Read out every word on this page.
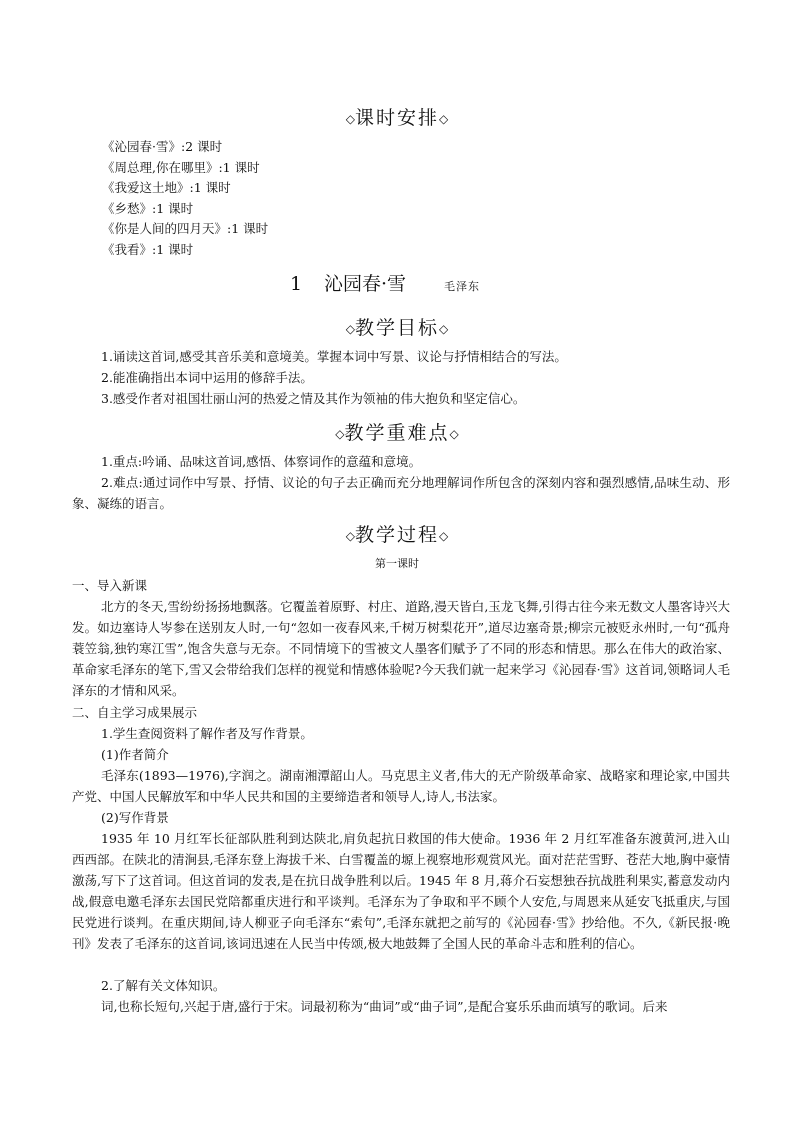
◇课时安排◇
《沁园春·雪》:2 课时
《周总理,你在哪里》:1 课时
《我爱这土地》:1 课时
《乡愁》:1 课时
《你是人间的四月天》:1 课时
《我看》:1 课时
1 沁园春·雪	毛泽东
◇教学目标◇

1.诵读这首词,感受其音乐美和意境美。掌握本词中写景、议论与抒情相结合的写法。

2.能准确指出本词中运用的修辞手法。

3.感受作者对祖国壮丽山河的热爱之情及其作为领袖的伟大抱负和坚定信心。

◇教学重难点◇

1.重点:吟诵、品味这首词,感悟、体察词作的意蕴和意境。

2.难点:通过词作中写景、抒情、议论的句子去正确而充分地理解词作所包含的深刻内容和强烈感情,品味生动、形象、凝练的语言。

◇教学过程◇
第一课时
一、导入新课

北方的冬天,雪纷纷扬扬地飘落。它覆盖着原野、村庄、道路,漫天皆白,玉龙飞舞,引得古往今来无数文人墨客诗兴大发。如边塞诗人岑参在送别友人时,一句“忽如一夜春风来,千树万树梨花开”,道尽边塞奇景;柳宗元被贬永州时,一句“孤舟蓑笠翁,独钓寒江雪”,饱含失意与无奈。不同情境下的雪被文人墨客们赋予了不同的形态和情思。那么在伟大的政治家、革命家毛泽东的笔下,雪又会带给我们怎样的视觉和情感体验呢?今天我们就一起来学习《沁园春·雪》这首词,领略词人毛泽东的才情和风采。

二、自主学习成果展示

1.学生查阅资料了解作者及写作背景。

(1)作者简介

毛泽东(1893—1976),字润之。湖南湘潭韶山人。马克思主义者,伟大的无产阶级革命家、战略家和理论家,中国共产党、中国人民解放军和中华人民共和国的主要缔造者和领导人,诗人,书法家。

(2)写作背景

1935 年 10 月红军长征部队胜利到达陕北,肩负起抗日救国的伟大使命。1936 年 2 月红军准备东渡黄河,进入山西西部。在陕北的清涧县,毛泽东登上海拔千米、白雪覆盖的塬上视察地形观赏风光。面对茫茫雪野、苍茫大地,胸中豪情激荡,写下了这首词。但这首词的发表,是在抗日战争胜利以后。1945 年 8 月,蒋介石妄想独吞抗战胜利果实,蓄意发动内战,假意电邀毛泽东去国民党陪都重庆进行和平谈判。毛泽东为了争取和平不顾个人安危,与周恩来从延安飞抵重庆,与国民党进行谈判。在重庆期间,诗人柳亚子向毛泽东“索句”,毛泽东就把之前写的《沁园春·雪》抄给他。不久,《新民报·晚刊》发表了毛泽东的这首词,该词迅速在人民当中传颂,极大地鼓舞了全国人民的革命斗志和胜利的信心。

2.了解有关文体知识。

词,也称长短句,兴起于唐,盛行于宋。词最初称为“曲词”或“曲子词”,是配合宴乐乐曲而填写的歌词。后来
